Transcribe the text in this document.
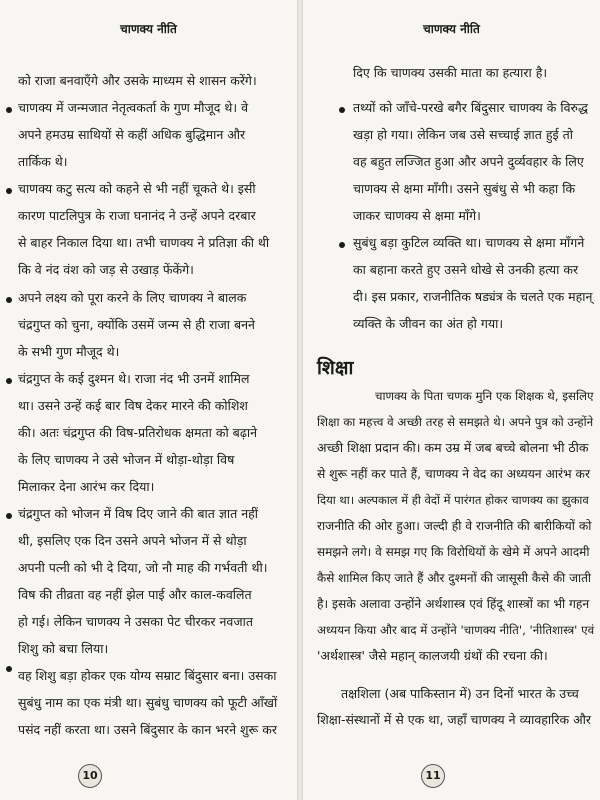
चाणक्य नीति
को राजा बनवाएँगे और उसके माध्यम से शासन करेंगे।
चाणक्य में जन्मजात नेतृत्वकर्ता के गुण मौजूद थे। वे
अपने हमउम्र साथियों से कहीं अधिक बुद्धिमान और
तार्किक थे।
चाणक्य कटु सत्य को कहने से भी नहीं चूकते थे। इसी
कारण पाटलिपुत्र के राजा घनानंद ने उन्हें अपने दरबार
से बाहर निकाल दिया था। तभी चाणक्य ने प्रतिज्ञा की थी
कि वे नंद वंश को जड़ से उखाड़ फेंकेंगे।
अपने लक्ष्य को पूरा करने के लिए चाणक्य ने बालक
चंद्रगुप्त को चुना, क्योंकि उसमें जन्म से ही राजा बनने
के सभी गुण मौजूद थे।
चंद्रगुप्त के कई दुश्मन थे। राजा नंद भी उनमें शामिल
था। उसने उन्हें कई बार विष देकर मारने की कोशिश
की। अतः चंद्रगुप्त की विष-प्रतिरोधक क्षमता को बढ़ाने
के लिए चाणक्य ने उसे भोजन में थोड़ा-थोड़ा विष
मिलाकर देना आरंभ कर दिया।
चंद्रगुप्त को भोजन में विष दिए जाने की बात ज्ञात नहीं
थी, इसलिए एक दिन उसने अपने भोजन में से थोड़ा
अपनी पत्नी को भी दे दिया, जो नौ माह की गर्भवती थी।
विष की तीव्रता वह नहीं झेल पाई और काल-कवलित
हो गई। लेकिन चाणक्य ने उसका पेट चीरकर नवजात
शिशु को बचा लिया।
वह शिशु बड़ा होकर एक योग्य सम्राट बिंदुसार बना। उसका
सुबंधु नाम का एक मंत्री था। सुबंधु चाणक्य को फूटी आँखों
पसंद नहीं करता था। उसने बिंदुसार के कान भरने शुरू कर
10
चाणक्य नीति
दिए कि चाणक्य उसकी माता का हत्यारा है।
तथ्यों को जाँचे-परखे बगैर बिंदुसार चाणक्य के विरुद्ध
खड़ा हो गया। लेकिन जब उसे सच्चाई ज्ञात हुई तो
वह बहुत लज्जित हुआ और अपने दुर्व्यवहार के लिए
चाणक्य से क्षमा माँगी। उसने सुबंधु से भी कहा कि
जाकर चाणक्य से क्षमा माँगे।
सुबंधु बड़ा कुटिल व्यक्ति था। चाणक्य से क्षमा माँगने
का बहाना करते हुए उसने धोखे से उनकी हत्या कर
दी। इस प्रकार, राजनीतिक षड्यंत्र के चलते एक महान्
व्यक्ति के जीवन का अंत हो गया।
शिक्षा
चाणक्य के पिता चणक मुनि एक शिक्षक थे, इसलिए
शिक्षा का महत्त्व वे अच्छी तरह से समझते थे। अपने पुत्र को उन्होंने
अच्छी शिक्षा प्रदान की। कम उम्र में जब बच्चे बोलना भी ठीक
से शुरू नहीं कर पाते हैं, चाणक्य ने वेद का अध्ययन आरंभ कर
दिया था। अल्पकाल में ही वेदों में पारंगत होकर चाणक्य का झुकाव
राजनीति की ओर हुआ। जल्दी ही वे राजनीति की बारीकियों को
समझने लगे। वे समझ गए कि विरोधियों के खेमे में अपने आदमी
कैसे शामिल किए जाते हैं और दुश्मनों की जासूसी कैसे की जाती
है। इसके अलावा उन्होंने अर्थशास्त्र एवं हिंदू शास्त्रों का भी गहन
अध्ययन किया और बाद में उन्होंने 'चाणक्य नीति', 'नीतिशास्त्र' एवं
'अर्थशास्त्र' जैसे महान् कालजयी ग्रंथों की रचना की।
तक्षशिला (अब पाकिस्तान में) उन दिनों भारत के उच्च
शिक्षा-संस्थानों में से एक था, जहाँ चाणक्य ने व्यावहारिक और
11
